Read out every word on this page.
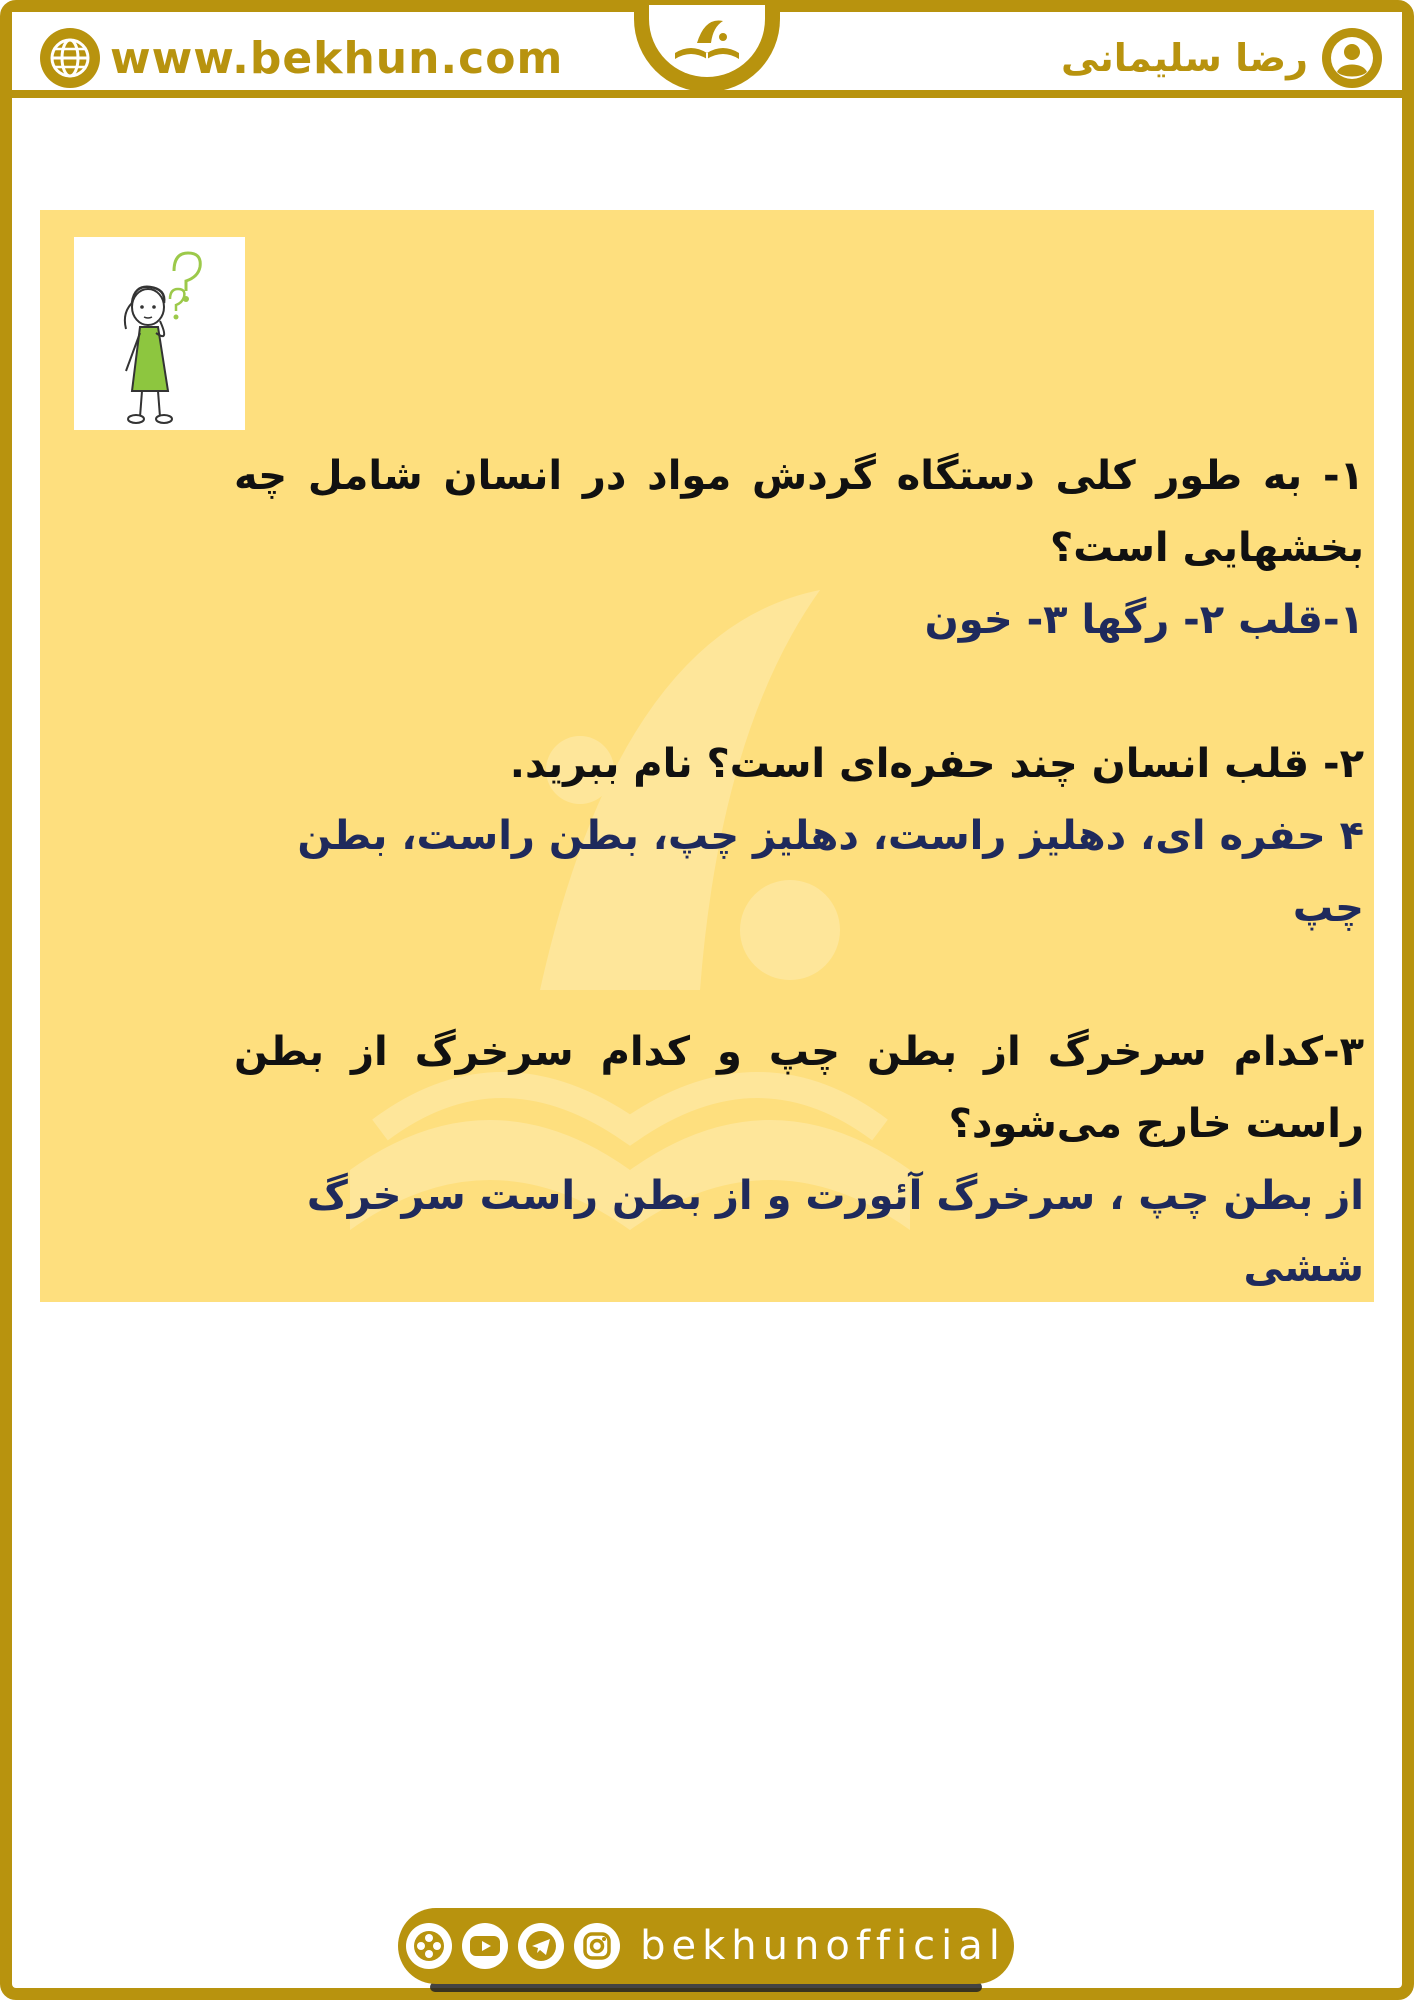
www.bekhun.com	رضا سلیمانی

۱- به طور کلی دستگاه گردش مواد در انسان شامل چه بخشهایی است؟

۱-قلب ۲- رگها ۳- خون

۲- قلب انسان چند حفره‌ای است؟ نام ببرید.

۴ حفره ای، دهلیز راست، دهلیز چپ، بطن راست، بطن چپ

۳-کدام سرخرگ از بطن چپ و کدام سرخرگ از بطن راست خارج می‌شود؟

از بطن چپ ، سرخرگ آئورت و از بطن راست سرخرگ ششی

bekhunofficial
